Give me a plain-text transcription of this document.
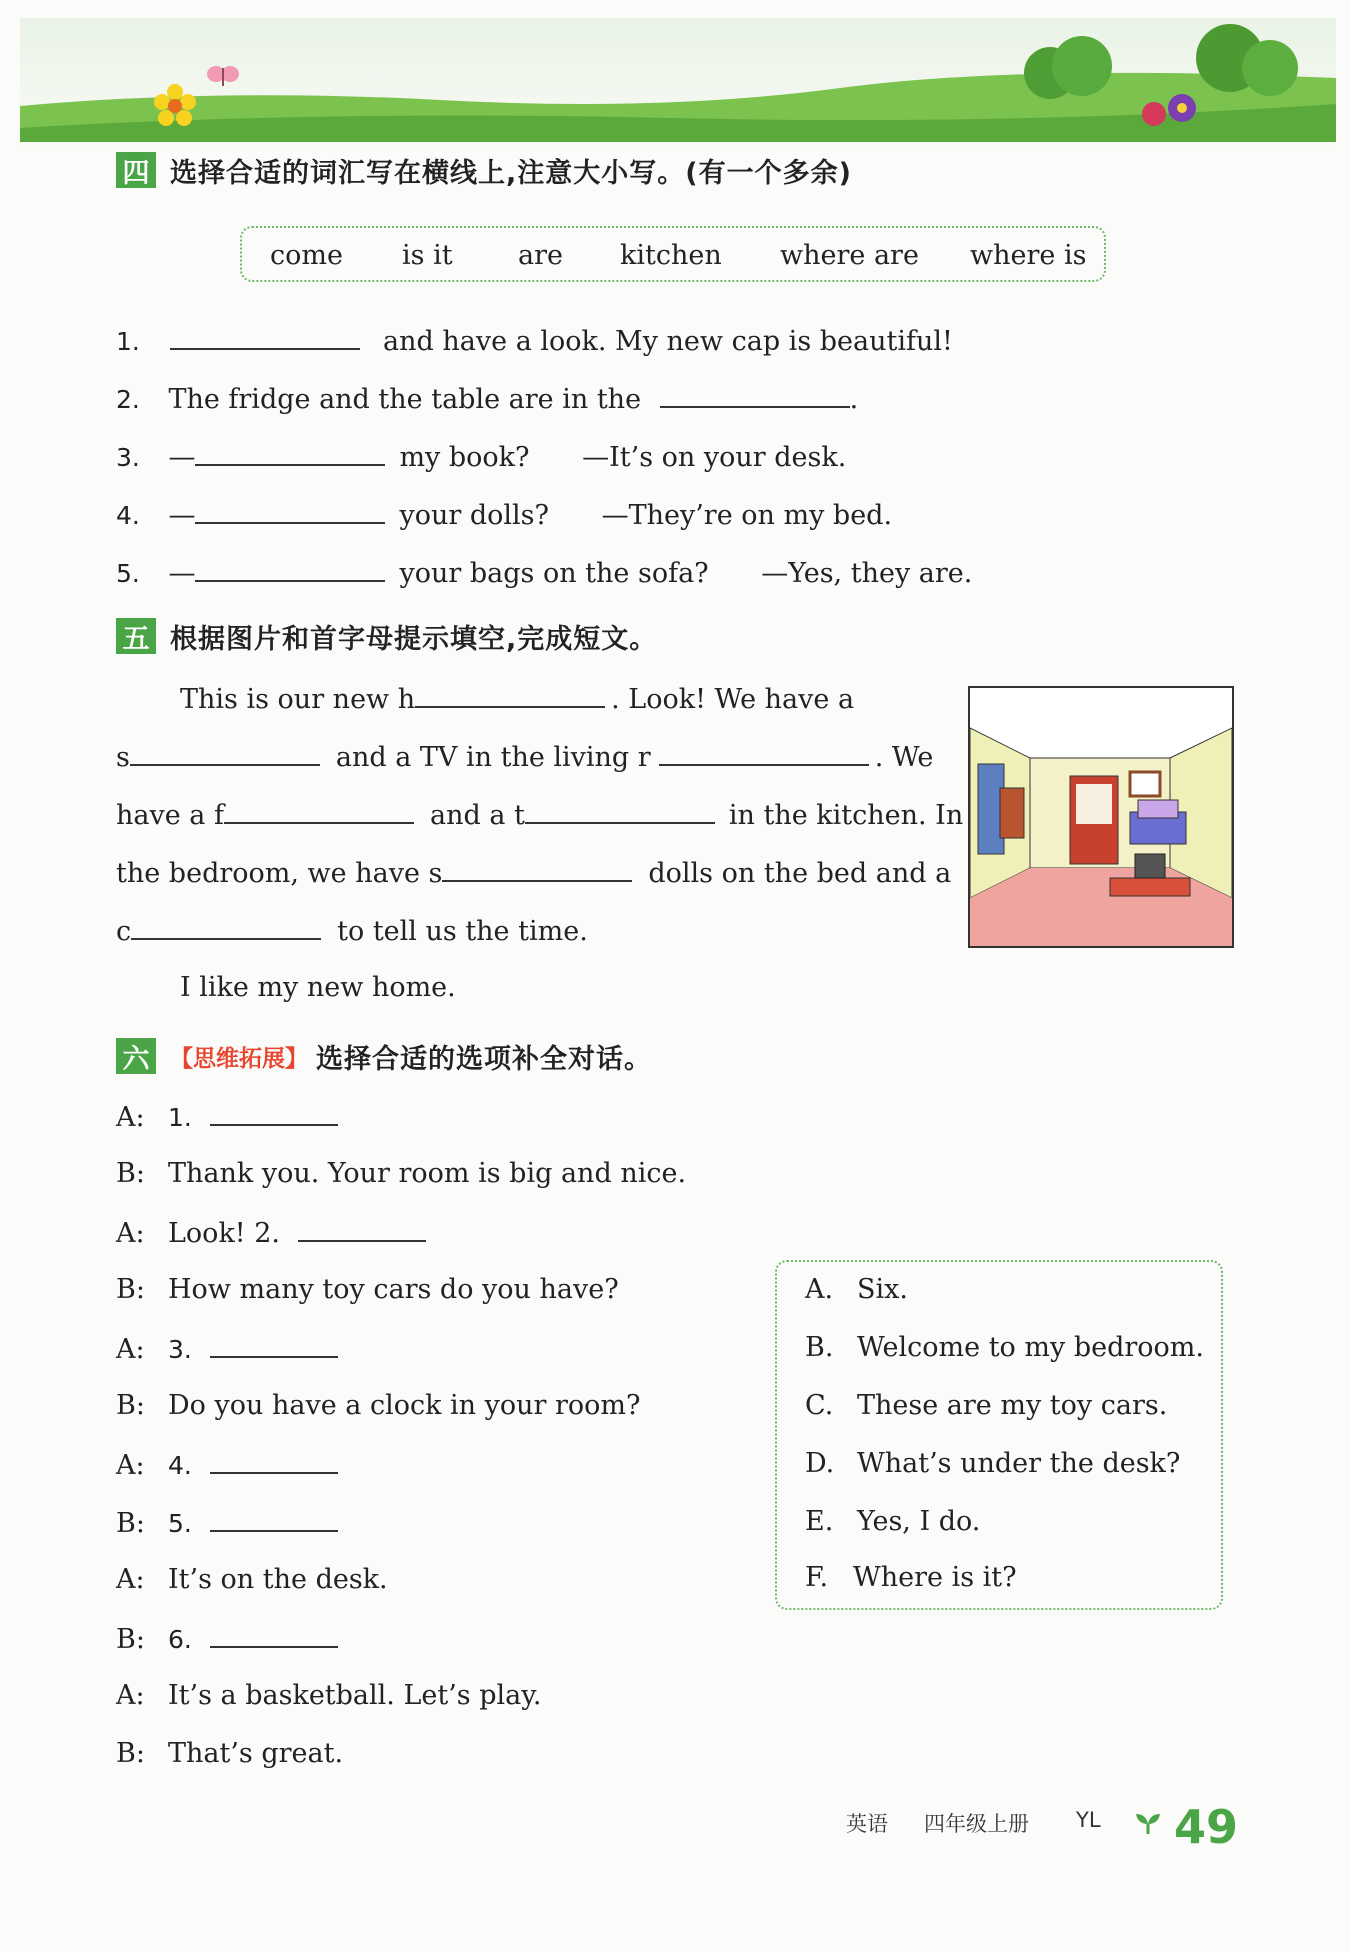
四 选择合适的词汇写在横线上,注意大小写。(有一个多余)
come is it are kitchen where are where is
1.	and have a look. My new cap is beautiful!
2. The fridge and the table are in the	.
3. —	my book? —It’s on your desk.
4. —	your dolls? —They’re on my bed.
5. —	your bags on the sofa? —Yes, they are.
五 根据图片和首字母提示填空,完成短文。
This is our new h	. Look! We have a
s	and a TV in the living r	. We
have a f	and a t	in the kitchen. In
the bedroom, we have s	dolls on the bed and a
c	to tell us the time.
I like my new home.
六 【思维拓展】 选择合适的选项补全对话。
A: 1.
B: Thank you. Your room is big and nice.
A: Look! 2.
B: How many toy cars do you have?
A: 3.
B: Do you have a clock in your room?
A: 4.
B: 5.
A: It’s on the desk.
B: 6.
A: It’s a basketball. Let’s play.
B: That’s great.
A. Six.
B. Welcome to my bedroom.
C. These are my toy cars.
D. What’s under the desk?
E. Yes, I do.
F. Where is it?
英语 四年级上册 YL 49
